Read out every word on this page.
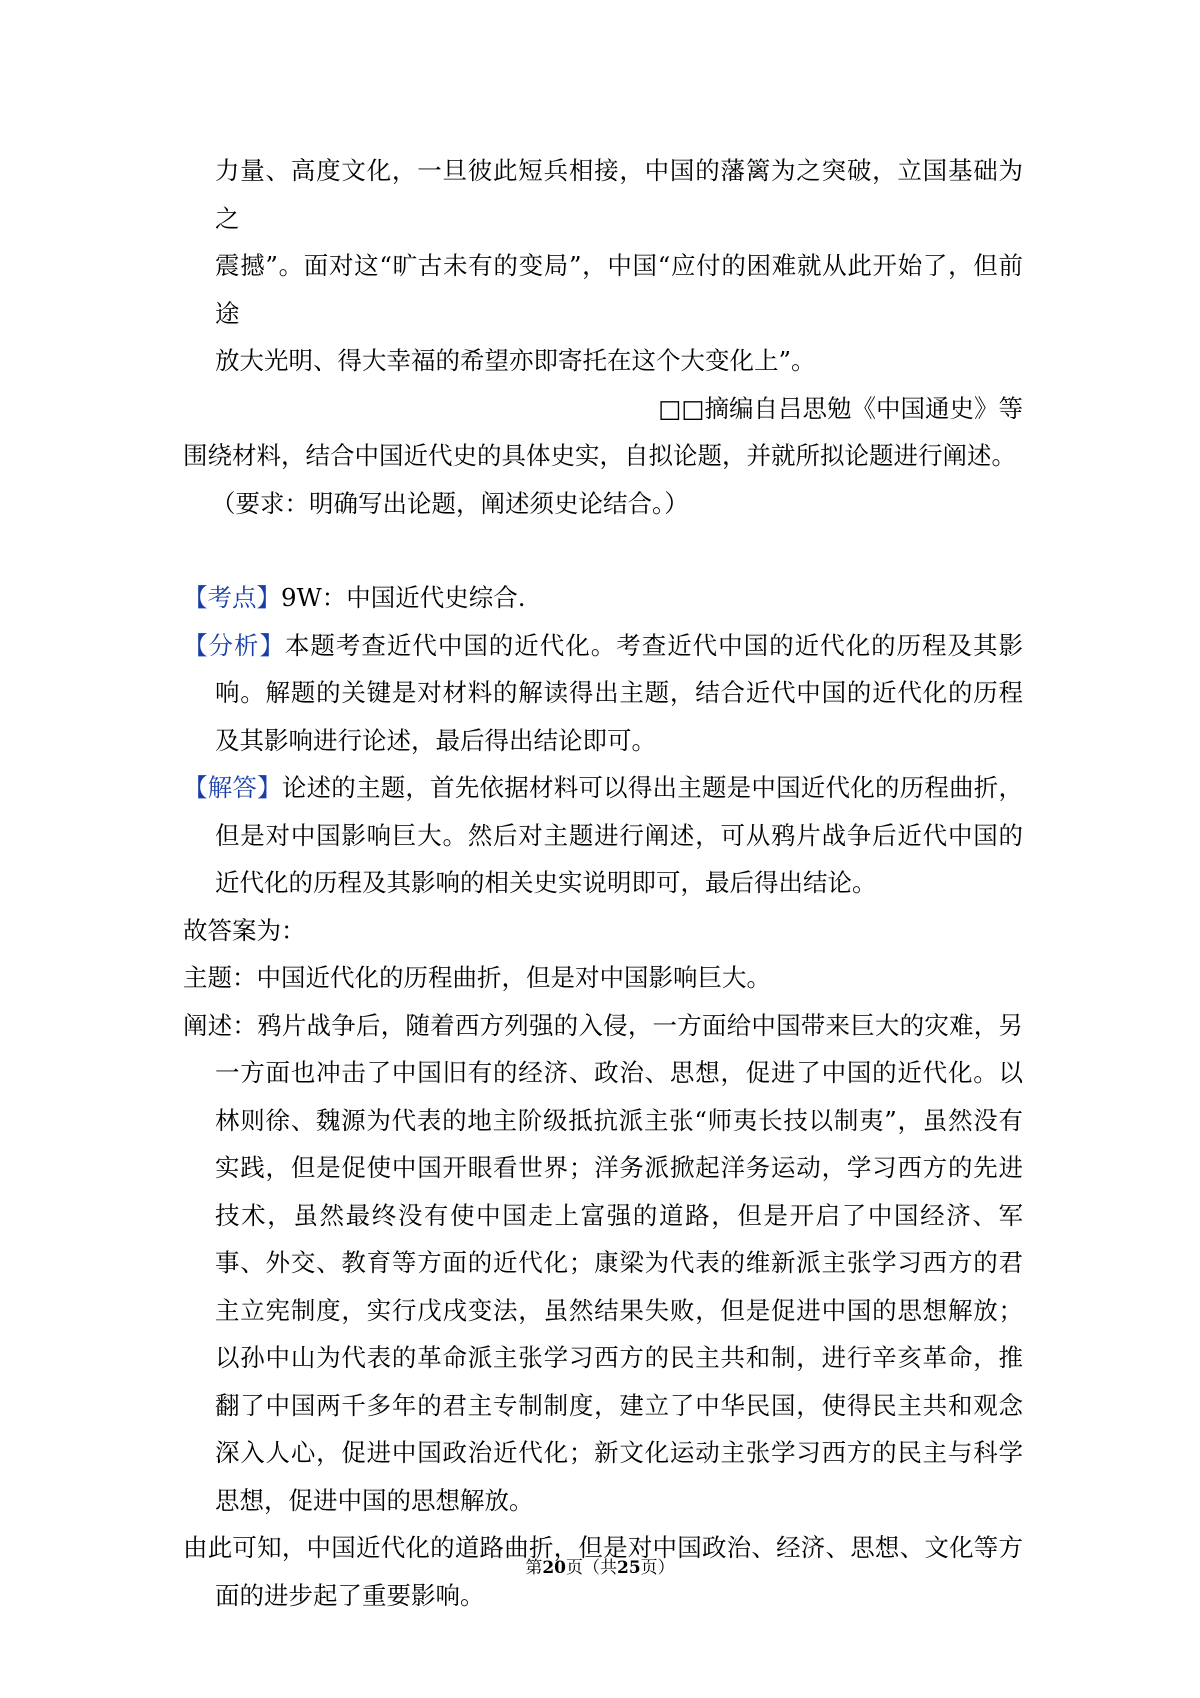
力量、高度文化，一旦彼此短兵相接，中国的藩篱为之突破，立国基础为之
震撼”。面对这“旷古未有的变局”，中国“应付的困难就从此开始了，但前途
放大光明、得大幸福的希望亦即寄托在这个大变化上”。

□□摘编自吕思勉《中国通史》等

围绕材料，结合中国近代史的具体史实，自拟论题，并就所拟论题进行阐述。

（要求：明确写出论题，阐述须史论结合。）

【考点】9W：中国近代史综合.

【分析】本题考查近代中国的近代化。考查近代中国的近代化的历程及其影响。解题的关键是对材料的解读得出主题，结合近代中国的近代化的历程及其影响进行论述，最后得出结论即可。

【解答】论述的主题，首先依据材料可以得出主题是中国近代化的历程曲折，但是对中国影响巨大。然后对主题进行阐述，可从鸦片战争后近代中国的近代化的历程及其影响的相关史实说明即可，最后得出结论。

故答案为：

主题：中国近代化的历程曲折，但是对中国影响巨大。

阐述：鸦片战争后，随着西方列强的入侵，一方面给中国带来巨大的灾难，另一方面也冲击了中国旧有的经济、政治、思想，促进了中国的近代化。以林则徐、魏源为代表的地主阶级抵抗派主张“师夷长技以制夷”，虽然没有实践，但是促使中国开眼看世界；洋务派掀起洋务运动，学习西方的先进技术，虽然最终没有使中国走上富强的道路，但是开启了中国经济、军事、外交、教育等方面的近代化；康梁为代表的维新派主张学习西方的君主立宪制度，实行戊戌变法，虽然结果失败，但是促进中国的思想解放；以孙中山为代表的革命派主张学习西方的民主共和制，进行辛亥革命，推翻了中国两千多年的君主专制制度，建立了中华民国，使得民主共和观念深入人心，促进中国政治近代化；新文化运动主张学习西方的民主与科学思想，促进中国的思想解放。

由此可知，中国近代化的道路曲折，但是对中国政治、经济、思想、文化等方面的进步起了重要影响。

第20页（共25页）
